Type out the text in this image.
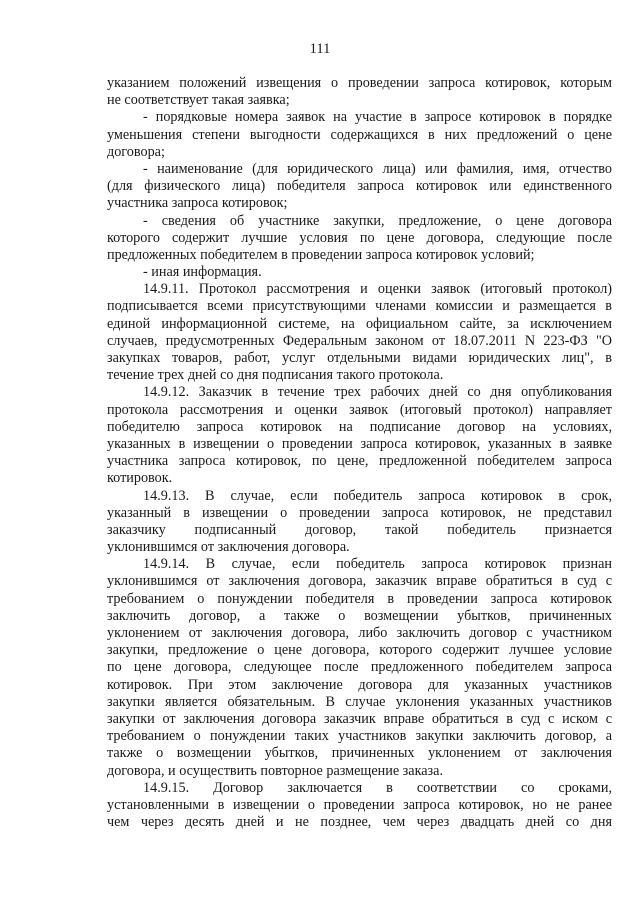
111
указанием положений извещения о проведении запроса котировок, которым
не соответствует такая заявка;
- порядковые номера заявок на участие в запросе котировок в порядке
уменьшения степени выгодности содержащихся в них предложений о цене
договора;
- наименование (для юридического лица) или фамилия, имя, отчество
(для физического лица) победителя запроса котировок или единственного
участника запроса котировок;
- сведения об участнике закупки, предложение, о цене договора
которого содержит лучшие условия по цене договора, следующие после
предложенных победителем в проведении запроса котировок условий;
- иная информация.
14.9.11. Протокол рассмотрения и оценки заявок (итоговый протокол)
подписывается всеми присутствующими членами комиссии и размещается в
единой информационной системе, на официальном сайте, за исключением
случаев, предусмотренных Федеральным законом от 18.07.2011 N 223-ФЗ "О
закупках товаров, работ, услуг отдельными видами юридических лиц", в
течение трех дней со дня подписания такого протокола.
14.9.12. Заказчик в течение трех рабочих дней со дня опубликования
протокола рассмотрения и оценки заявок (итоговый протокол) направляет
победителю запроса котировок на подписание договор на условиях,
указанных в извещении о проведении запроса котировок, указанных в заявке
участника запроса котировок, по цене, предложенной победителем запроса
котировок.
14.9.13. В случае, если победитель запроса котировок в срок,
указанный в извещении о проведении запроса котировок, не представил
заказчику подписанный договор, такой победитель признается
уклонившимся от заключения договора.
14.9.14. В случае, если победитель запроса котировок признан
уклонившимся от заключения договора, заказчик вправе обратиться в суд с
требованием о понуждении победителя в проведении запроса котировок
заключить договор, а также о возмещении убытков, причиненных
уклонением от заключения договора, либо заключить договор с участником
закупки, предложение о цене договора, которого содержит лучшее условие
по цене договора, следующее после предложенного победителем запроса
котировок. При этом заключение договора для указанных участников
закупки является обязательным. В случае уклонения указанных участников
закупки от заключения договора заказчик вправе обратиться в суд с иском с
требованием о понуждении таких участников закупки заключить договор, а
также о возмещении убытков, причиненных уклонением от заключения
договора, и осуществить повторное размещение заказа.
14.9.15. Договор заключается в соответствии со сроками,
установленными в извещении о проведении запроса котировок, но не ранее
чем через десять дней и не позднее, чем через двадцать дней со дня
